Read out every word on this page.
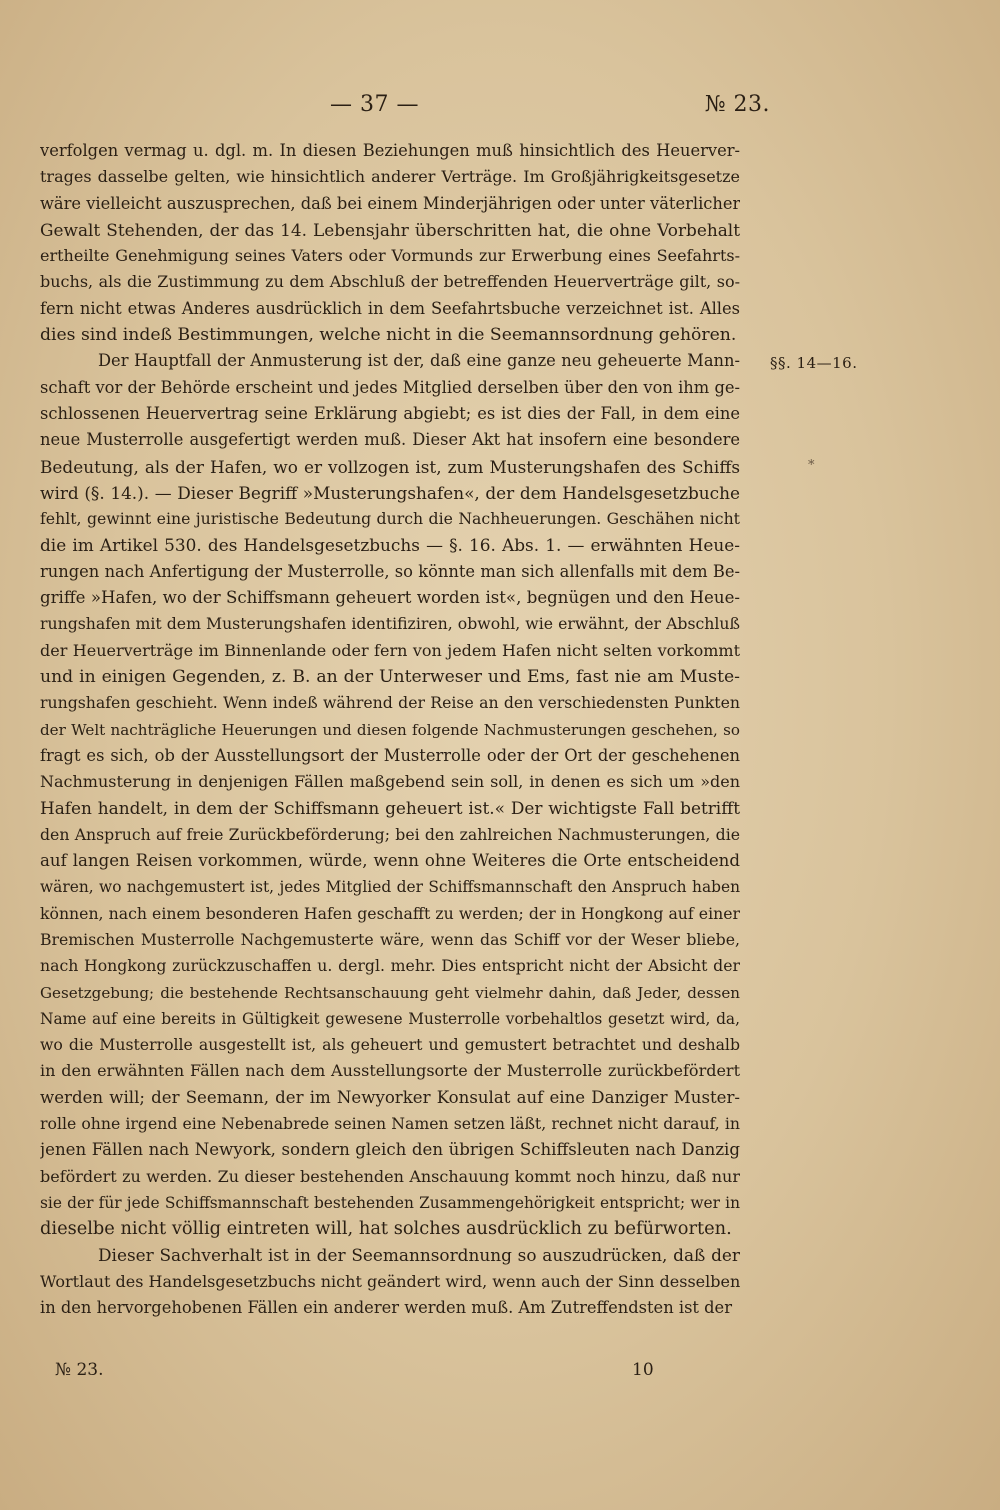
— 37 —	№ 23.
verfolgen vermag u. dgl. m. In diesen Beziehungen muß hinsichtlich des Heuerver-
trages dasselbe gelten, wie hinsichtlich anderer Verträge. Im Großjährigkeitsgesetze
wäre vielleicht auszusprechen, daß bei einem Minderjährigen oder unter väterlicher
Gewalt Stehenden, der das 14. Lebensjahr überschritten hat, die ohne Vorbehalt
ertheilte Genehmigung seines Vaters oder Vormunds zur Erwerbung eines Seefahrts-
buchs, als die Zustimmung zu dem Abschluß der betreffenden Heuerverträge gilt, so-
fern nicht etwas Anderes ausdrücklich in dem Seefahrtsbuche verzeichnet ist. Alles
dies sind indeß Bestimmungen, welche nicht in die Seemannsordnung gehören.
Der Hauptfall der Anmusterung ist der, daß eine ganze neu geheuerte Mann-
schaft vor der Behörde erscheint und jedes Mitglied derselben über den von ihm ge-
schlossenen Heuervertrag seine Erklärung abgiebt; es ist dies der Fall, in dem eine
neue Musterrolle ausgefertigt werden muß. Dieser Akt hat insofern eine besondere
Bedeutung, als der Hafen, wo er vollzogen ist, zum Musterungshafen des Schiffs
wird (§. 14.). — Dieser Begriff »Musterungshafen«, der dem Handelsgesetzbuche
fehlt, gewinnt eine juristische Bedeutung durch die Nachheuerungen. Geschähen nicht
die im Artikel 530. des Handelsgesetzbuchs — §. 16. Abs. 1. — erwähnten Heue-
rungen nach Anfertigung der Musterrolle, so könnte man sich allenfalls mit dem Be-
griffe »Hafen, wo der Schiffsmann geheuert worden ist«, begnügen und den Heue-
rungshafen mit dem Musterungshafen identifiziren, obwohl, wie erwähnt, der Abschluß
der Heuerverträge im Binnenlande oder fern von jedem Hafen nicht selten vorkommt
und in einigen Gegenden, z. B. an der Unterweser und Ems, fast nie am Muste-
rungshafen geschieht. Wenn indeß während der Reise an den verschiedensten Punkten
der Welt nachträgliche Heuerungen und diesen folgende Nachmusterungen geschehen, so
fragt es sich, ob der Ausstellungsort der Musterrolle oder der Ort der geschehenen
Nachmusterung in denjenigen Fällen maßgebend sein soll, in denen es sich um »den
Hafen handelt, in dem der Schiffsmann geheuert ist.« Der wichtigste Fall betrifft
den Anspruch auf freie Zurückbeförderung; bei den zahlreichen Nachmusterungen, die
auf langen Reisen vorkommen, würde, wenn ohne Weiteres die Orte entscheidend
wären, wo nachgemustert ist, jedes Mitglied der Schiffsmannschaft den Anspruch haben
können, nach einem besonderen Hafen geschafft zu werden; der in Hongkong auf einer
Bremischen Musterrolle Nachgemusterte wäre, wenn das Schiff vor der Weser bliebe,
nach Hongkong zurückzuschaffen u. dergl. mehr. Dies entspricht nicht der Absicht der
Gesetzgebung; die bestehende Rechtsanschauung geht vielmehr dahin, daß Jeder, dessen
Name auf eine bereits in Gültigkeit gewesene Musterrolle vorbehaltlos gesetzt wird, da,
wo die Musterrolle ausgestellt ist, als geheuert und gemustert betrachtet und deshalb
in den erwähnten Fällen nach dem Ausstellungsorte der Musterrolle zurückbefördert
werden will; der Seemann, der im Newyorker Konsulat auf eine Danziger Muster-
rolle ohne irgend eine Nebenabrede seinen Namen setzen läßt, rechnet nicht darauf, in
jenen Fällen nach Newyork, sondern gleich den übrigen Schiffsleuten nach Danzig
befördert zu werden. Zu dieser bestehenden Anschauung kommt noch hinzu, daß nur
sie der für jede Schiffsmannschaft bestehenden Zusammengehörigkeit entspricht; wer in
dieselbe nicht völlig eintreten will, hat solches ausdrücklich zu befürworten.
Dieser Sachverhalt ist in der Seemannsordnung so auszudrücken, daß der
Wortlaut des Handelsgesetzbuchs nicht geändert wird, wenn auch der Sinn desselben
in den hervorgehobenen Fällen ein anderer werden muß. Am Zutreffendsten ist der
§§. 14—16.
*
№ 23.	10
